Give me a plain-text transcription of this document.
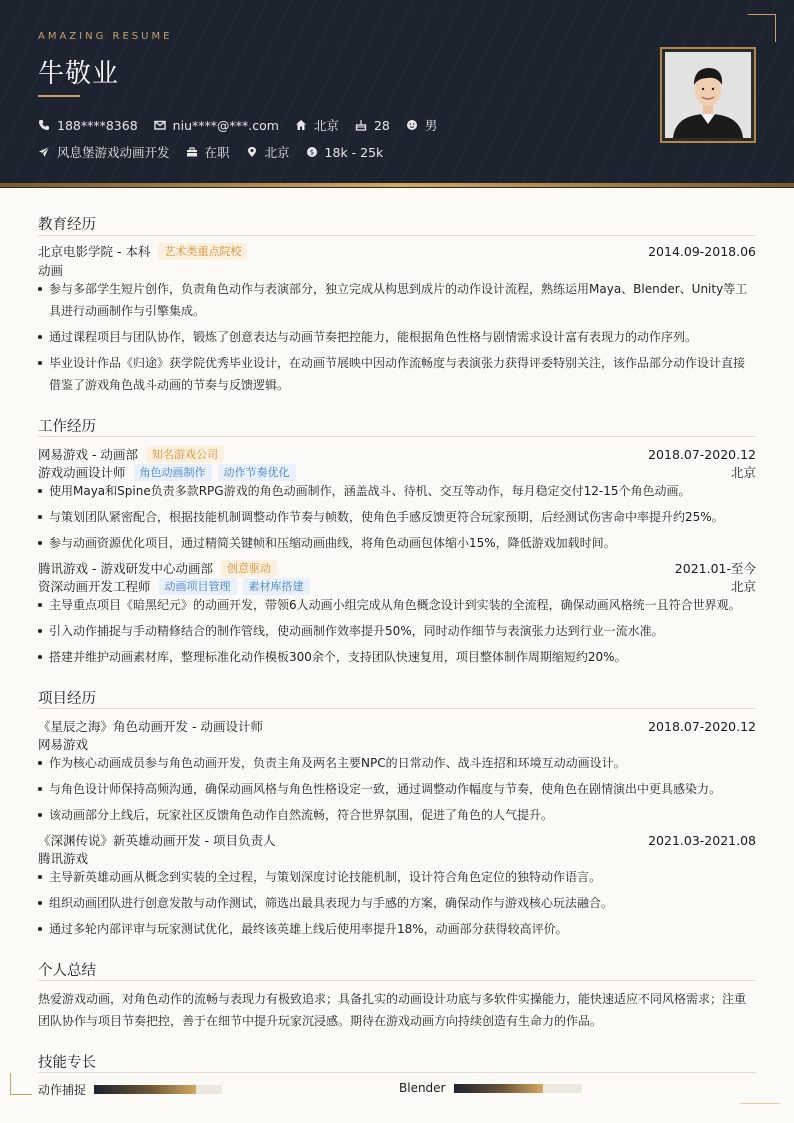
AMAZING RESUME
牛敬业
188****8368	niu****@***.com	北京	28	男
风息堡游戏动画开发	在职	北京	$ 18k - 25k
教育经历
北京电影学院 - 本科	艺术类重点院校	2014.09-2018.06
动画
参与多部学生短片创作，负责角色动作与表演部分，独立完成从构思到成片的动作设计流程，熟练运用Maya、Blender、Unity等工具进行动画制作与引擎集成。
通过课程项目与团队协作，锻炼了创意表达与动画节奏把控能力，能根据角色性格与剧情需求设计富有表现力的动作序列。
毕业设计作品《归途》获学院优秀毕业设计，在动画节展映中因动作流畅度与表演张力获得评委特别关注，该作品部分动作设计直接借鉴了游戏角色战斗动画的节奏与反馈逻辑。
工作经历
网易游戏 - 动画部	知名游戏公司	2018.07-2020.12
游戏动画设计师	角色动画制作	动作节奏优化	北京
使用Maya和Spine负责多款RPG游戏的角色动画制作，涵盖战斗、待机、交互等动作，每月稳定交付12-15个角色动画。
与策划团队紧密配合，根据技能机制调整动作节奏与帧数，使角色手感反馈更符合玩家预期，后经测试伤害命中率提升约25%。
参与动画资源优化项目，通过精简关键帧和压缩动画曲线，将角色动画包体缩小15%，降低游戏加载时间。
腾讯游戏 - 游戏研发中心动画部	创意驱动	2021.01-至今
资深动画开发工程师	动画项目管理	素材库搭建	北京
主导重点项目《暗黑纪元》的动画开发，带领6人动画小组完成从角色概念设计到实装的全流程，确保动画风格统一且符合世界观。
引入动作捕捉与手动精修结合的制作管线，使动画制作效率提升50%，同时动作细节与表演张力达到行业一流水准。
搭建并维护动画素材库，整理标准化动作模板300余个，支持团队快速复用，项目整体制作周期缩短约20%。
项目经历
《星辰之海》角色动画开发 - 动画设计师	2018.07-2020.12
网易游戏
作为核心动画成员参与角色动画开发，负责主角及两名主要NPC的日常动作、战斗连招和环境互动动画设计。
与角色设计师保持高频沟通，确保动画风格与角色性格设定一致，通过调整动作幅度与节奏，使角色在剧情演出中更具感染力。
该动画部分上线后，玩家社区反馈角色动作自然流畅，符合世界氛围，促进了角色的人气提升。
《深渊传说》新英雄动画开发 - 项目负责人	2021.03-2021.08
腾讯游戏
主导新英雄动画从概念到实装的全过程，与策划深度讨论技能机制，设计符合角色定位的独特动作语言。
组织动画团队进行创意发散与动作测试，筛选出最具表现力与手感的方案，确保动作与游戏核心玩法融合。
通过多轮内部评审与玩家测试优化，最终该英雄上线后使用率提升18%，动画部分获得较高评价。
个人总结
热爱游戏动画，对角色动作的流畅与表现力有极致追求；具备扎实的动画设计功底与多软件实操能力，能快速适应不同风格需求；注重团队协作与项目节奏把控，善于在细节中提升玩家沉浸感。期待在游戏动画方向持续创造有生命力的作品。
技能专长
动作捕捉	Blender
